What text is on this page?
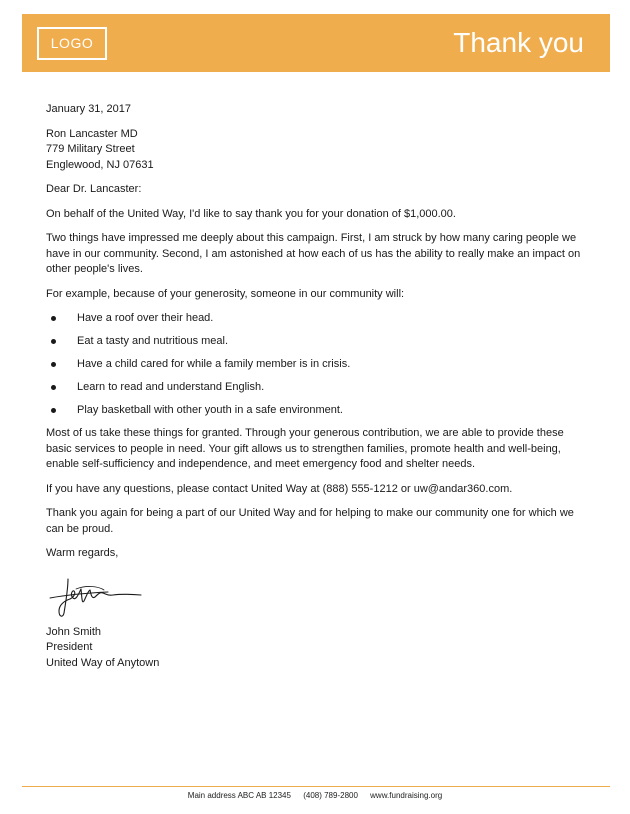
LOGO	Thank you

January 31, 2017

Ron Lancaster MD
779 Military Street
Englewood, NJ 07631

Dear Dr. Lancaster:

On behalf of the United Way, I'd like to say thank you for your donation of $1,000.00.

Two things have impressed me deeply about this campaign. First, I am struck by how many caring people we have in our community. Second, I am astonished at how each of us has the ability to really make an impact on other people's lives.

For example, because of your generosity, someone in our community will:

Have a roof over their head.
Eat a tasty and nutritious meal.
Have a child cared for while a family member is in crisis.
Learn to read and understand English.
Play basketball with other youth in a safe environment.

Most of us take these things for granted. Through your generous contribution, we are able to provide these basic services to people in need. Your gift allows us to strengthen families, promote health and well-being, enable self-sufficiency and independence, and meet emergency food and shelter needs.

If you have any questions, please contact United Way at (888) 555-1212 or uw@andar360.com.

Thank you again for being a part of our United Way and for helping to make our community one for which we can be proud.

Warm regards,

John Smith

President

United Way of Anytown

Main address ABC AB 12345 (408) 789-2800 www.fundraising.org
